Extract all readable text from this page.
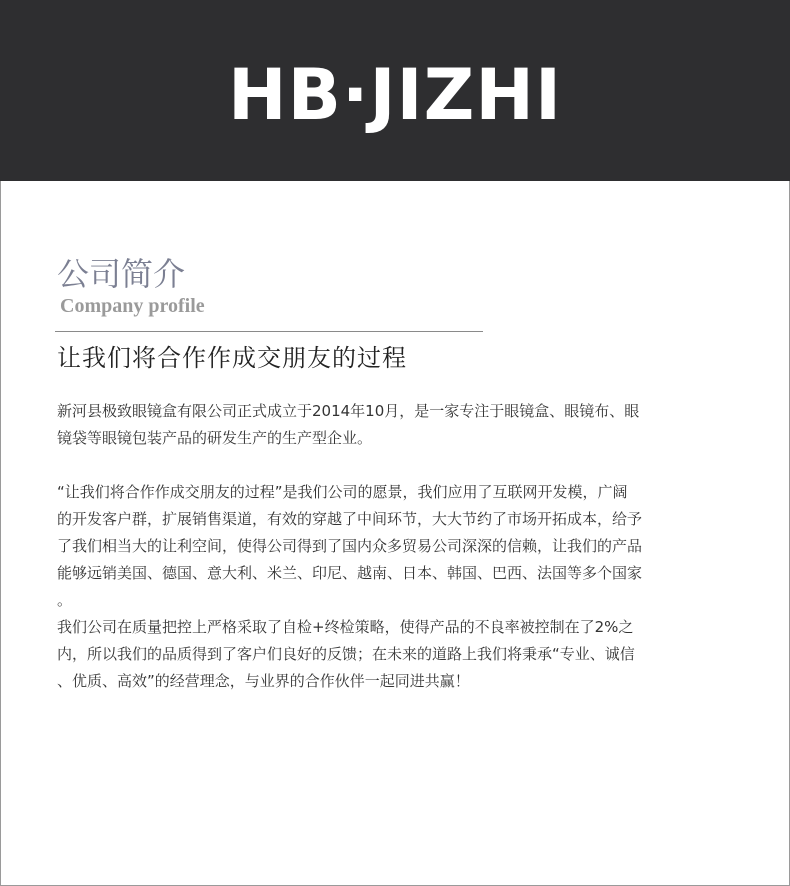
HB·JIZHI
公司简介
Company profile
让我们将合作作成交朋友的过程

新河县极致眼镜盒有限公司正式成立于2014年10月，是一家专注于眼镜盒、眼镜布、眼
镜袋等眼镜包装产品的研发生产的生产型企业。

“让我们将合作作成交朋友的过程”是我们公司的愿景，我们应用了互联网开发模，广阔
的开发客户群，扩展销售渠道，有效的穿越了中间环节，大大节约了市场开拓成本，给予
了我们相当大的让利空间，使得公司得到了国内众多贸易公司深深的信赖，让我们的产品
能够远销美国、德国、意大利、米兰、印尼、越南、日本、韩国、巴西、法国等多个国家
。

我们公司在质量把控上严格采取了自检+终检策略，使得产品的不良率被控制在了2%之
内，所以我们的品质得到了客户们良好的反馈；在未来的道路上我们将秉承“专业、诚信
、优质、高效”的经营理念，与业界的合作伙伴一起同进共赢！
